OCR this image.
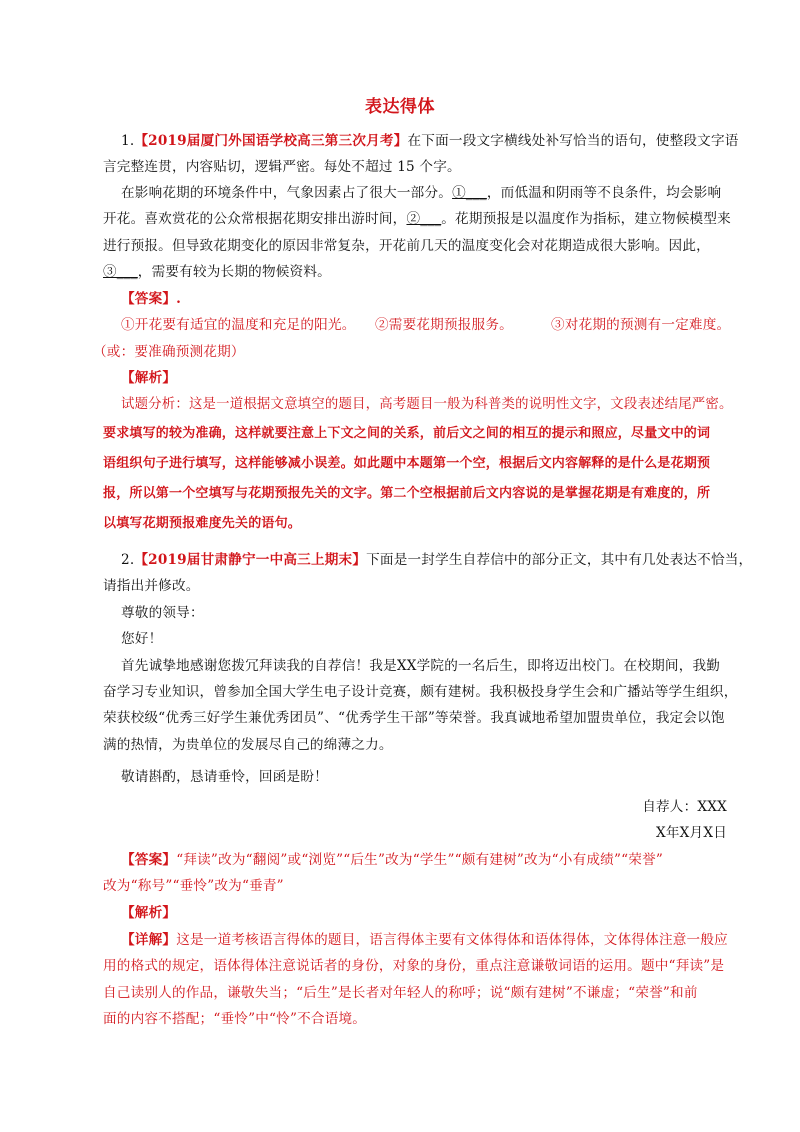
表达得体
1.【2019届厦门外国语学校高三第三次月考】在下面一段文字横线处补写恰当的语句，使整段文字语
言完整连贯，内容贴切，逻辑严密。每处不超过 15 个字。
在影响花期的环境条件中，气象因素占了很大一部分。①___，而低温和阴雨等不良条件，均会影响
开花。喜欢赏花的公众常根据花期安排出游时间，②___。花期预报是以温度作为指标，建立物候模型来
进行预报。但导致花期变化的原因非常复杂，开花前几天的温度变化会对花期造成很大影响。因此，
③___，需要有较为长期的物候资料。
【答案】.
①开花要有适宜的温度和充足的阳光。 ②需要花期预报服务。	③对花期的预测有一定难度。
（或：要准确预测花期）
【解析】
试题分析：这是一道根据文意填空的题目，高考题目一般为科普类的说明性文字，文段表述结尾严密。
要求填写的较为准确，这样就要注意上下文之间的关系，前后文之间的相互的提示和照应，尽量文中的词
语组织句子进行填写，这样能够减小误差。如此题中本题第一个空，根据后文内容解释的是什么是花期预
报，所以第一个空填写与花期预报先关的文字。第二个空根据前后文内容说的是掌握花期是有难度的，所
以填写花期预报难度先关的语句。
2.【2019届甘肃静宁一中高三上期末】下面是一封学生自荐信中的部分正文，其中有几处表达不恰当，
请指出并修改。
尊敬的领导：
您好！
首先诚挚地感谢您拨冗拜读我的自荐信！我是XX学院的一名后生，即将迈出校门。在校期间，我勤
奋学习专业知识，曾参加全国大学生电子设计竞赛，颇有建树。我积极投身学生会和广播站等学生组织，
荣获校级“优秀三好学生兼优秀团员”、“优秀学生干部”等荣誉。我真诚地希望加盟贵单位，我定会以饱
满的热情，为贵单位的发展尽自己的绵薄之力。
敬请斟酌，恳请垂怜，回函是盼！
自荐人：XXX
X年X月X日
【答案】“拜读”改为“翻阅”或“浏览”“后生”改为“学生”“颇有建树”改为“小有成绩”“荣誉”
改为“称号”“垂怜”改为“垂青”
【解析】
【详解】这是一道考核语言得体的题目，语言得体主要有文体得体和语体得体，文体得体注意一般应
用的格式的规定，语体得体注意说话者的身份，对象的身份，重点注意谦敬词语的运用。题中“拜读”是
自己读别人的作品，谦敬失当；“后生”是长者对年轻人的称呼；说“颇有建树”不谦虚；“荣誉”和前
面的内容不搭配；“垂怜”中“怜”不合语境。
